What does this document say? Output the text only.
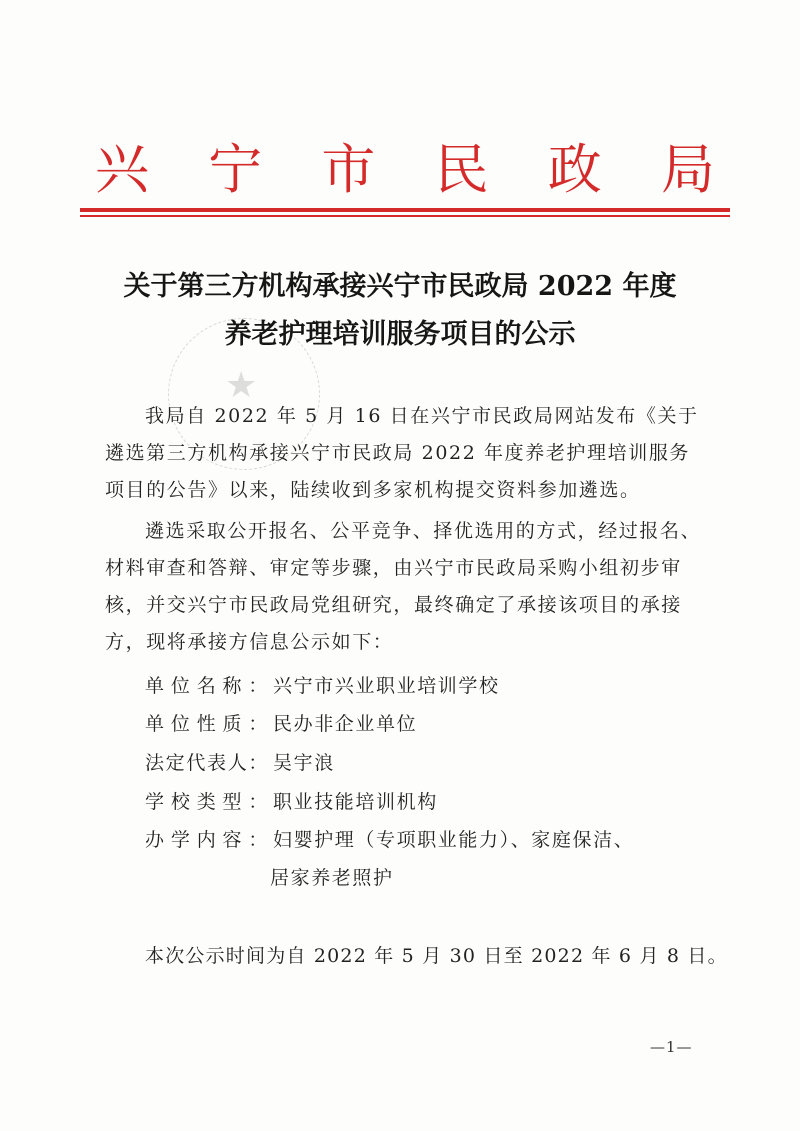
★
兴 宁 市 民 政 局
关于第三方机构承接兴宁市民政局 2022 年度
养老护理培训服务项目的公示

我局自 2022 年 5 月 16 日在兴宁市民政局网站发布《关于遴选第三方机构承接兴宁市民政局 2022 年度养老护理培训服务项目的公告》以来，陆续收到多家机构提交资料参加遴选。

遴选采取公开报名、公平竞争、择优选用的方式，经过报名、材料审查和答辩、审定等步骤，由兴宁市民政局采购小组初步审核，并交兴宁市民政局党组研究，最终确定了承接该项目的承接方，现将承接方信息公示如下：

单位名称： 兴宁市兴业职业培训学校
单位性质： 民办非企业单位
法定代表人： 吴宇浪
学校类型： 职业技能培训机构
办学内容： 妇婴护理（专项职业能力）、家庭保洁、
居家养老照护
本次公示时间为自 2022 年 5 月 30 日至 2022 年 6 月 8 日。
—1—
